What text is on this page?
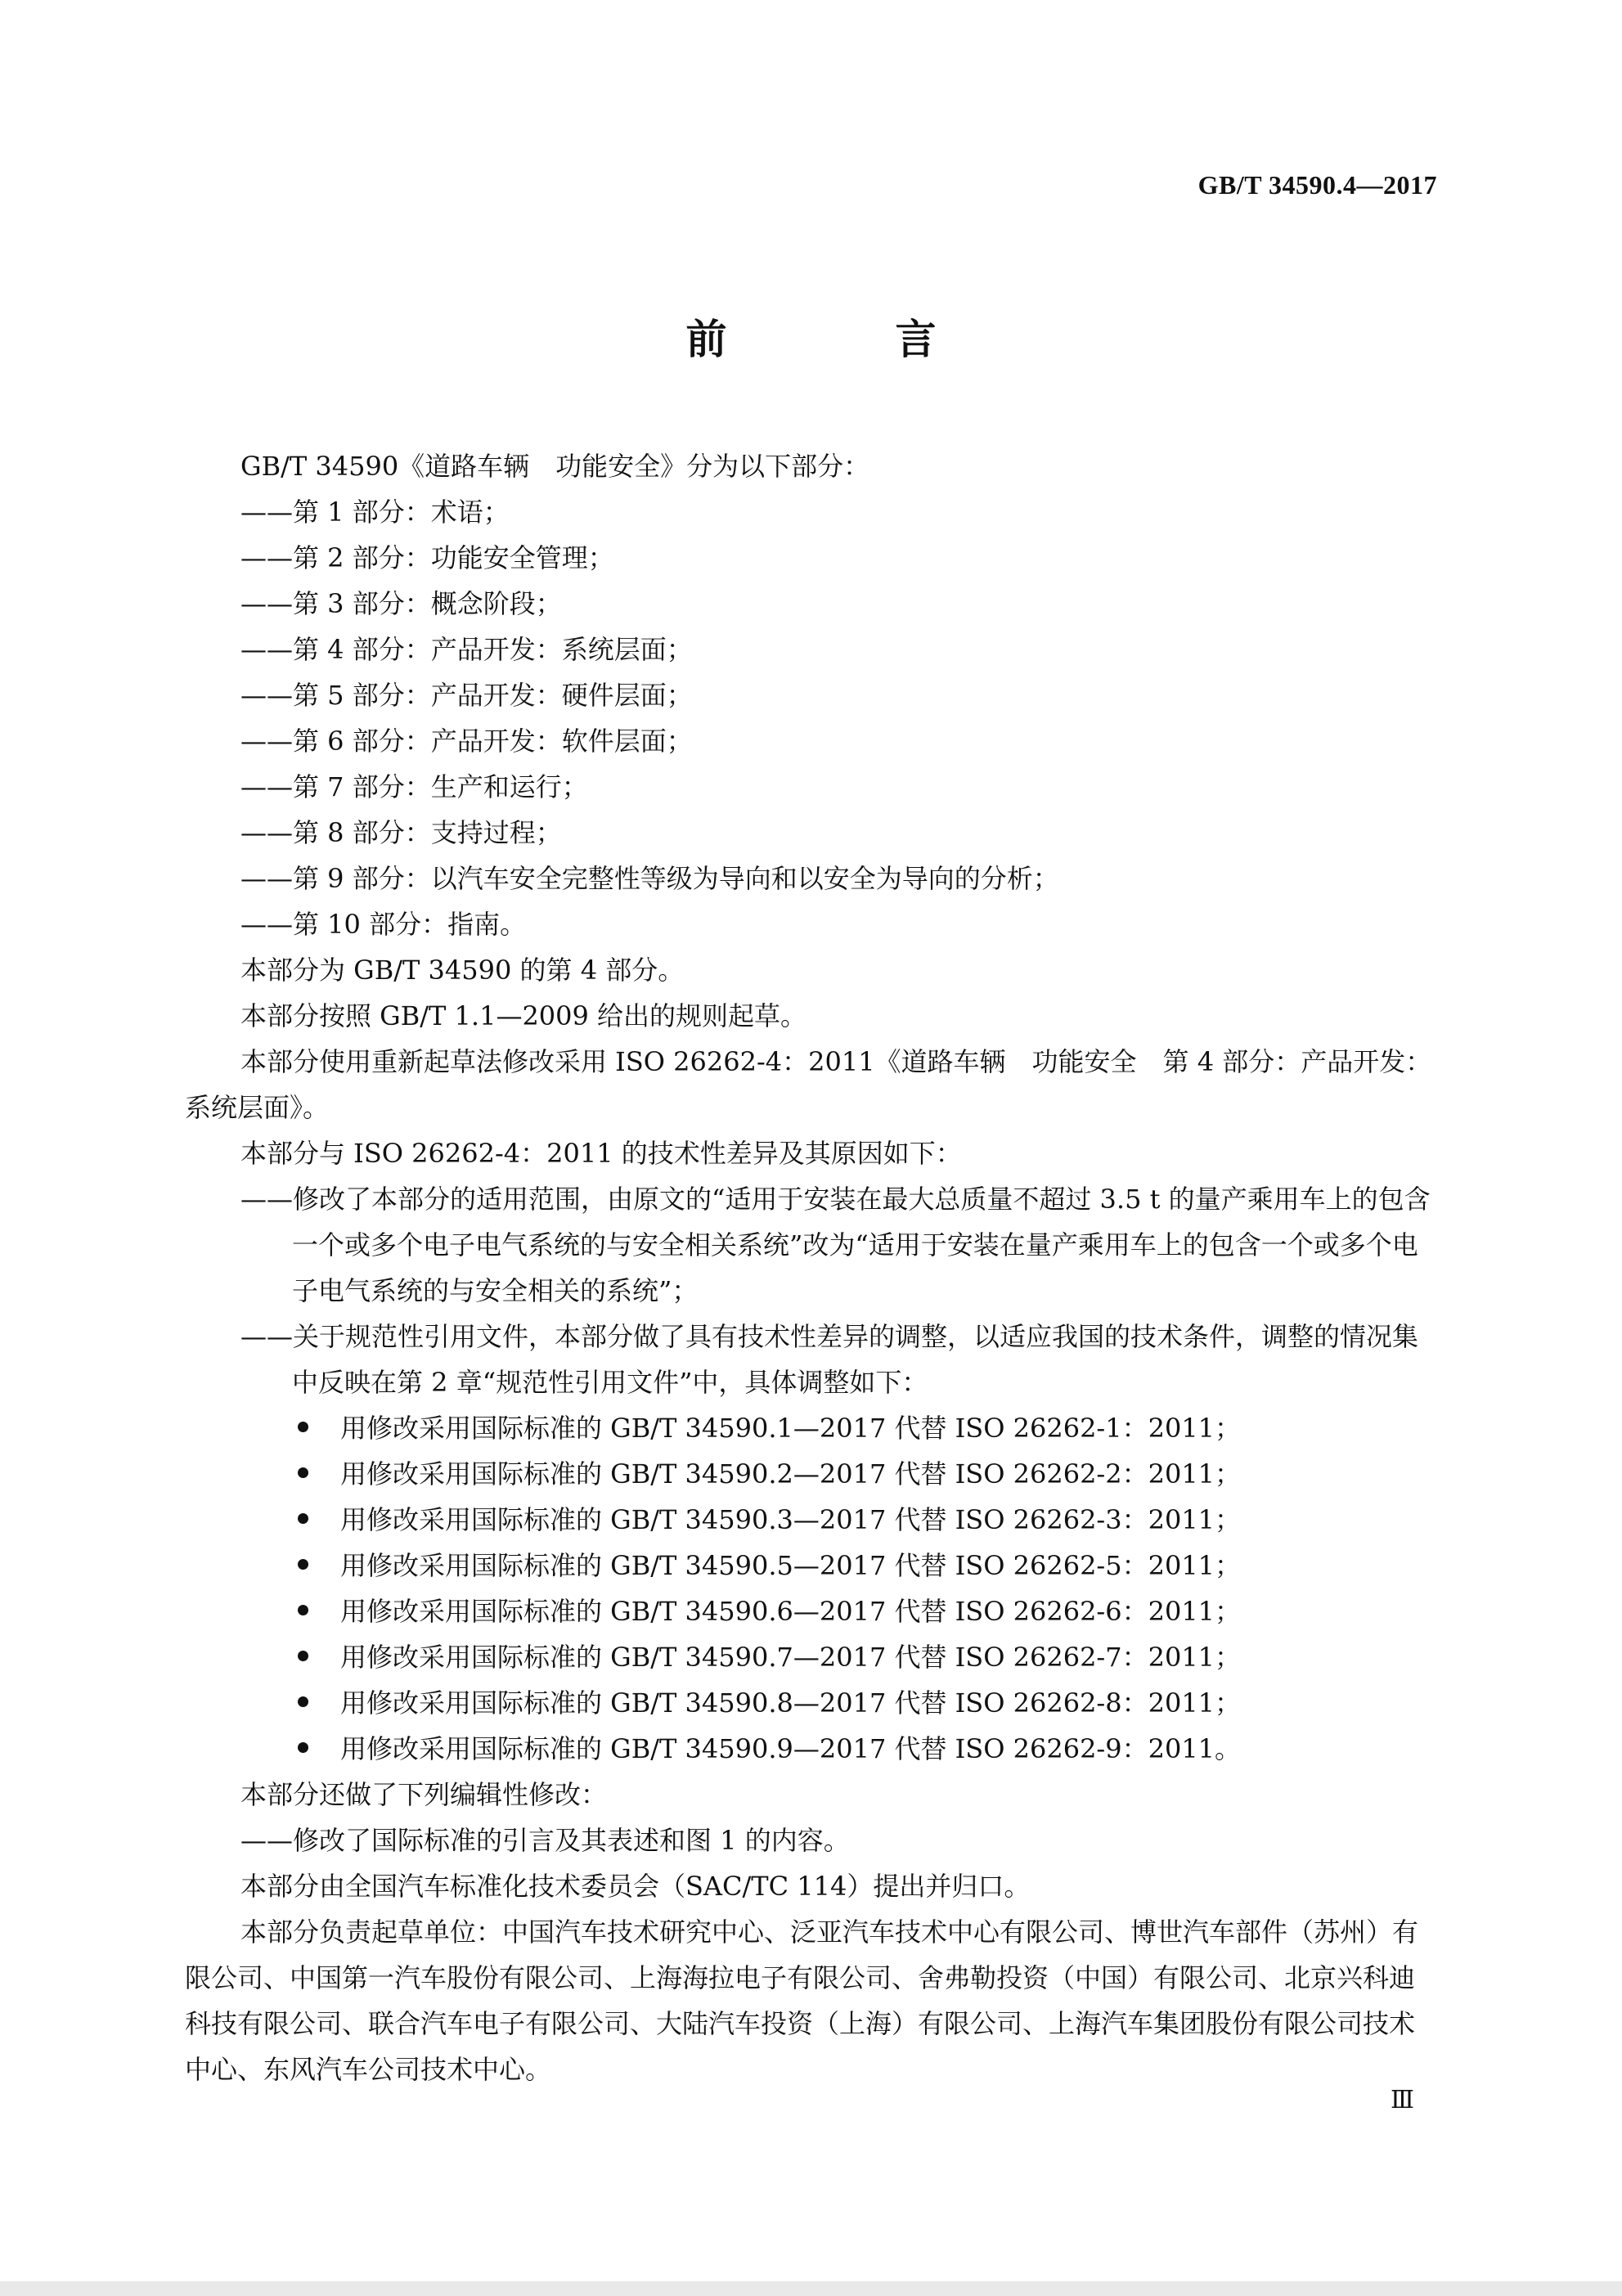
GB/T 34590.4—2017
前　言

GB/T 34590《道路车辆　功能安全》分为以下部分：

——第 1 部分：术语；

——第 2 部分：功能安全管理；

——第 3 部分：概念阶段；

——第 4 部分：产品开发：系统层面；

——第 5 部分：产品开发：硬件层面；

——第 6 部分：产品开发：软件层面；

——第 7 部分：生产和运行；

——第 8 部分：支持过程；

——第 9 部分：以汽车安全完整性等级为导向和以安全为导向的分析；

——第 10 部分：指南。

本部分为 GB/T 34590 的第 4 部分。

本部分按照 GB/T 1.1—2009 给出的规则起草。

本部分使用重新起草法修改采用 ISO 26262-4：2011《道路车辆　功能安全　第 4 部分：产品开发：系统层面》。

本部分与 ISO 26262-4：2011 的技术性差异及其原因如下：

——修改了本部分的适用范围，由原文的“适用于安装在最大总质量不超过 3.5 t 的量产乘用车上的包含一个或多个电子电气系统的与安全相关系统”改为“适用于安装在量产乘用车上的包含一个或多个电子电气系统的与安全相关的系统”；

——关于规范性引用文件，本部分做了具有技术性差异的调整，以适应我国的技术条件，调整的情况集中反映在第 2 章“规范性引用文件”中，具体调整如下：

用修改采用国际标准的 GB/T 34590.1—2017 代替 ISO 26262-1：2011；

用修改采用国际标准的 GB/T 34590.2—2017 代替 ISO 26262-2：2011；

用修改采用国际标准的 GB/T 34590.3—2017 代替 ISO 26262-3：2011；

用修改采用国际标准的 GB/T 34590.5—2017 代替 ISO 26262-5：2011；

用修改采用国际标准的 GB/T 34590.6—2017 代替 ISO 26262-6：2011；

用修改采用国际标准的 GB/T 34590.7—2017 代替 ISO 26262-7：2011；

用修改采用国际标准的 GB/T 34590.8—2017 代替 ISO 26262-8：2011；

用修改采用国际标准的 GB/T 34590.9—2017 代替 ISO 26262-9：2011。

本部分还做了下列编辑性修改：

——修改了国际标准的引言及其表述和图 1 的内容。

本部分由全国汽车标准化技术委员会（SAC/TC 114）提出并归口。

本部分负责起草单位：中国汽车技术研究中心、泛亚汽车技术中心有限公司、博世汽车部件（苏州）有限公司、中国第一汽车股份有限公司、上海海拉电子有限公司、舍弗勒投资（中国）有限公司、北京兴科迪科技有限公司、联合汽车电子有限公司、大陆汽车投资（上海）有限公司、上海汽车集团股份有限公司技术中心、东风汽车公司技术中心。

Ⅲ
